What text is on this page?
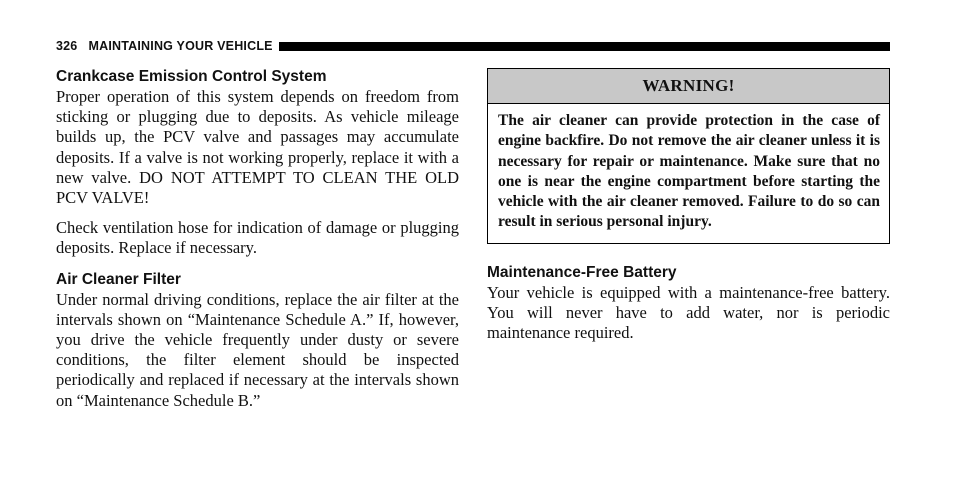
326 MAINTAINING YOUR VEHICLE
Crankcase Emission Control System

Proper operation of this system depends on freedom from sticking or plugging due to deposits. As vehicle mileage builds up, the PCV valve and passages may accumulate deposits. If a valve is not working properly, replace it with a new valve. DO NOT ATTEMPT TO CLEAN THE OLD PCV VALVE!

Check ventilation hose for indication of damage or plugging deposits. Replace if necessary.

Air Cleaner Filter

Under normal driving conditions, replace the air filter at the intervals shown on “Maintenance Schedule A.” If, however, you drive the vehicle frequently under dusty or severe conditions, the filter element should be inspected periodically and replaced if necessary at the intervals shown on “Maintenance Schedule B.”

WARNING!
The air cleaner can provide protection in the case of engine backfire. Do not remove the air cleaner unless it is necessary for repair or maintenance. Make sure that no one is near the engine compartment before starting the vehicle with the air cleaner removed. Failure to do so can result in serious personal injury.
Maintenance-Free Battery

Your vehicle is equipped with a maintenance-free battery. You will never have to add water, nor is periodic maintenance required.
